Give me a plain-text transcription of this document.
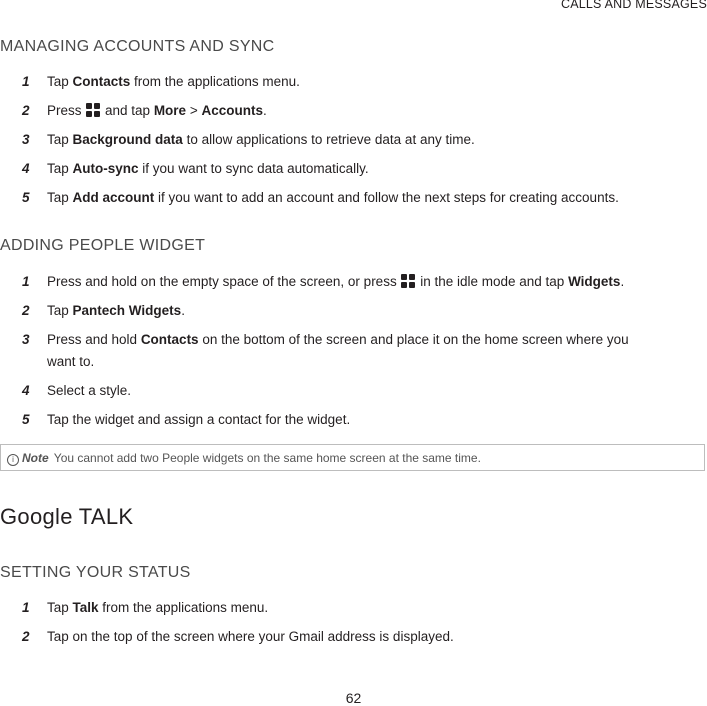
CALLS AND MESSAGES
MANAGING ACCOUNTS AND SYNC
1 Tap Contacts from the applications menu.
2 Press
and tap More > Accounts.
3 Tap Background data to allow applications to retrieve data at any time.
4 Tap Auto-sync if you want to sync data automatically.
5 Tap Add account if you want to add an account and follow the next steps for creating accounts.
ADDING PEOPLE WIDGET
1 Press and hold on the empty space of the screen, or press
in the idle mode and tap Widgets.
2 Tap Pantech Widgets.
3 Press and hold Contacts on the bottom of the screen and place it on the home screen where you
want to.
4 Select a style.
5 Tap the widget and assign a contact for the widget.
i Note You cannot add two People widgets on the same home screen at the same time.
Google TALK
SETTING YOUR STATUS
1 Tap Talk from the applications menu.
2 Tap on the top of the screen where your Gmail address is displayed.
62
